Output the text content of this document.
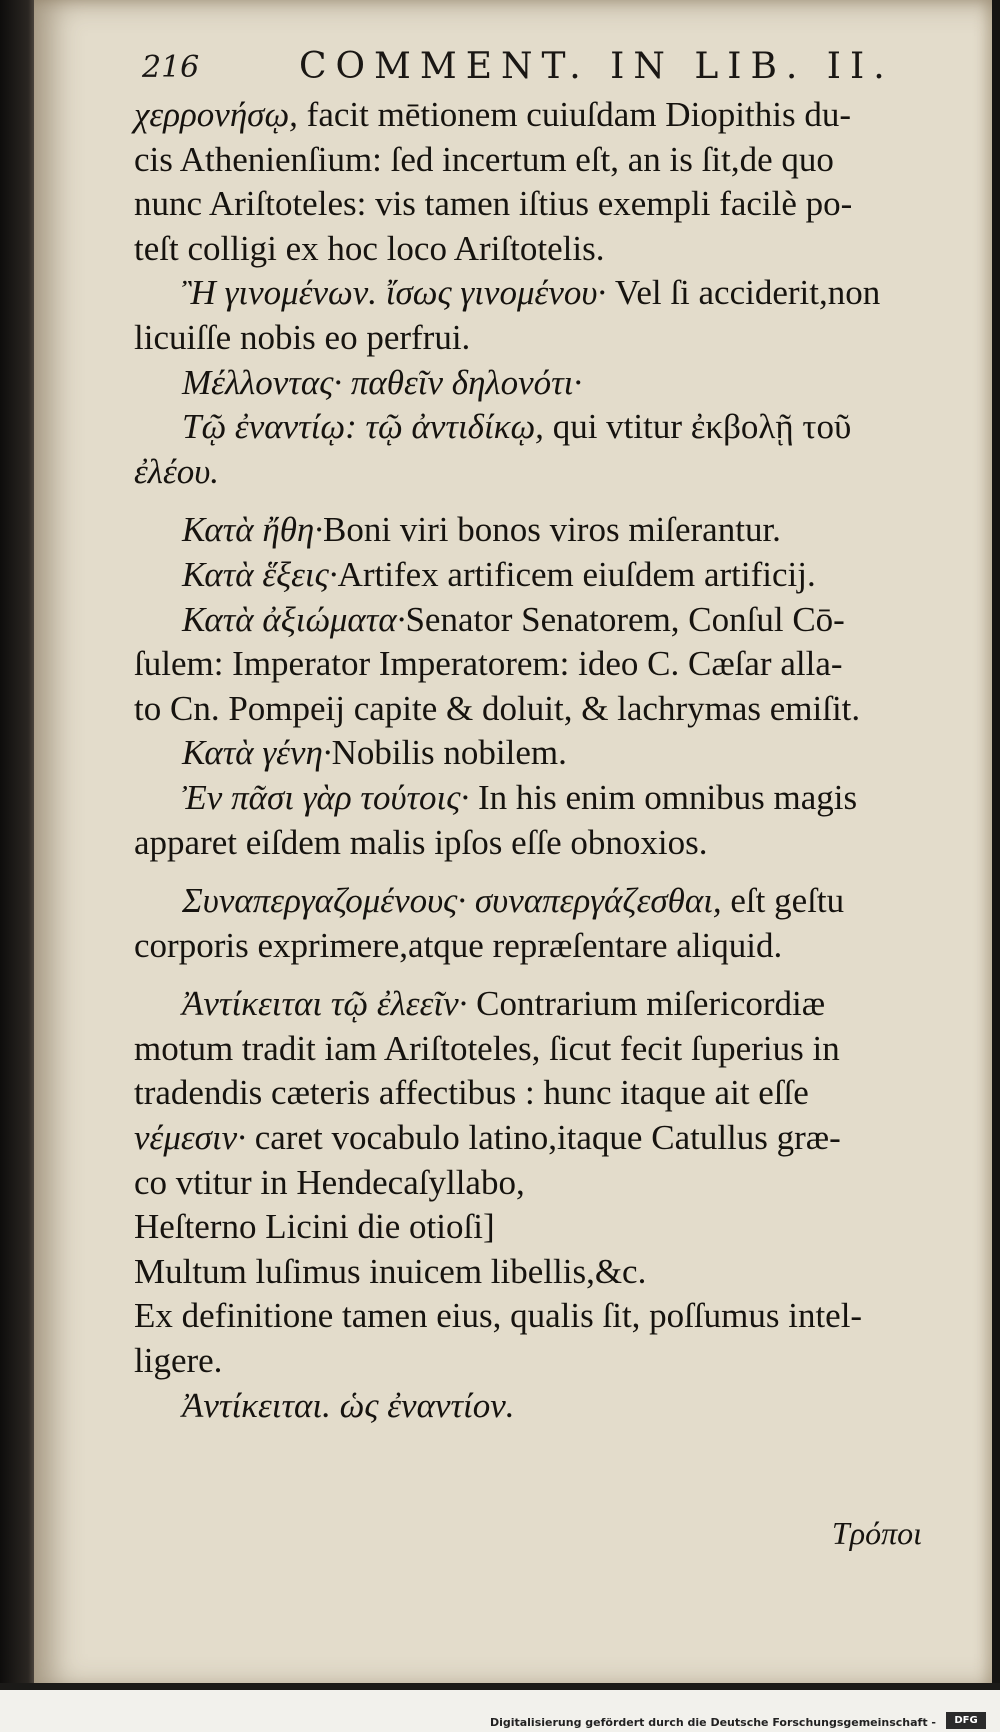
216	COMMENT. IN LIB. II.
χερρονήσῳ, facit mētionem cuiuſdam Diopithis du-
cis Athenienſium: ſed incertum eſt, an is ſit,de quo
nunc Ariſtoteles: vis tamen iſtius exempli facilè po-
teſt colligi ex hoc loco Ariſtotelis.
Ἢ γινομένων. ἴσως γινομένου· Vel ſi acciderit,non
licuiſſe nobis eo perfrui.
Μέλλοντας· παθεῖν δηλονότι·
Τῷ ἐναντίῳ: τῷ ἀντιδίκῳ, qui vtitur ἐκβολῇ τοῦ
ἐλέου.
Κατὰ ἤθη·Boni viri bonos viros miſerantur.
Κατὰ ἕξεις·Artifex artificem eiuſdem artificij.
Κατὰ ἀξιώματα·Senator Senatorem, Conſul Cō-
ſulem: Imperator Imperatorem: ideo C. Cæſar alla-
to Cn. Pompeij capite & doluit, & lachrymas emiſit.
Κατὰ γένη·Nobilis nobilem.
Ἐν πᾶσι γὰρ τούτοις· In his enim omnibus magis
apparet eiſdem malis ipſos eſſe obnoxios.
Συναπεργαζομένους· συναπεργάζεσθαι, eſt geſtu
corporis exprimere,atque repræſentare aliquid.
Ἀντίκειται τῷ ἐλεεῖν· Contrarium miſericordiæ
motum tradit iam Ariſtoteles, ſicut fecit ſuperius in
tradendis cæteris affectibus : hunc itaque ait eſſe
νέμεσιν· caret vocabulo latino,itaque Catullus græ-
co vtitur in Hendecaſyllabo,
Heſterno Licini die otioſi]
Multum luſimus inuicem libellis,&c.
Ex definitione tamen eius, qualis ſit, poſſumus intel-
ligere.
Ἀντίκειται. ὡς ἐναντίον.
Τρόποι
Digitalisierung gefördert durch die Deutsche Forschungsgemeinschaft -	DFG
